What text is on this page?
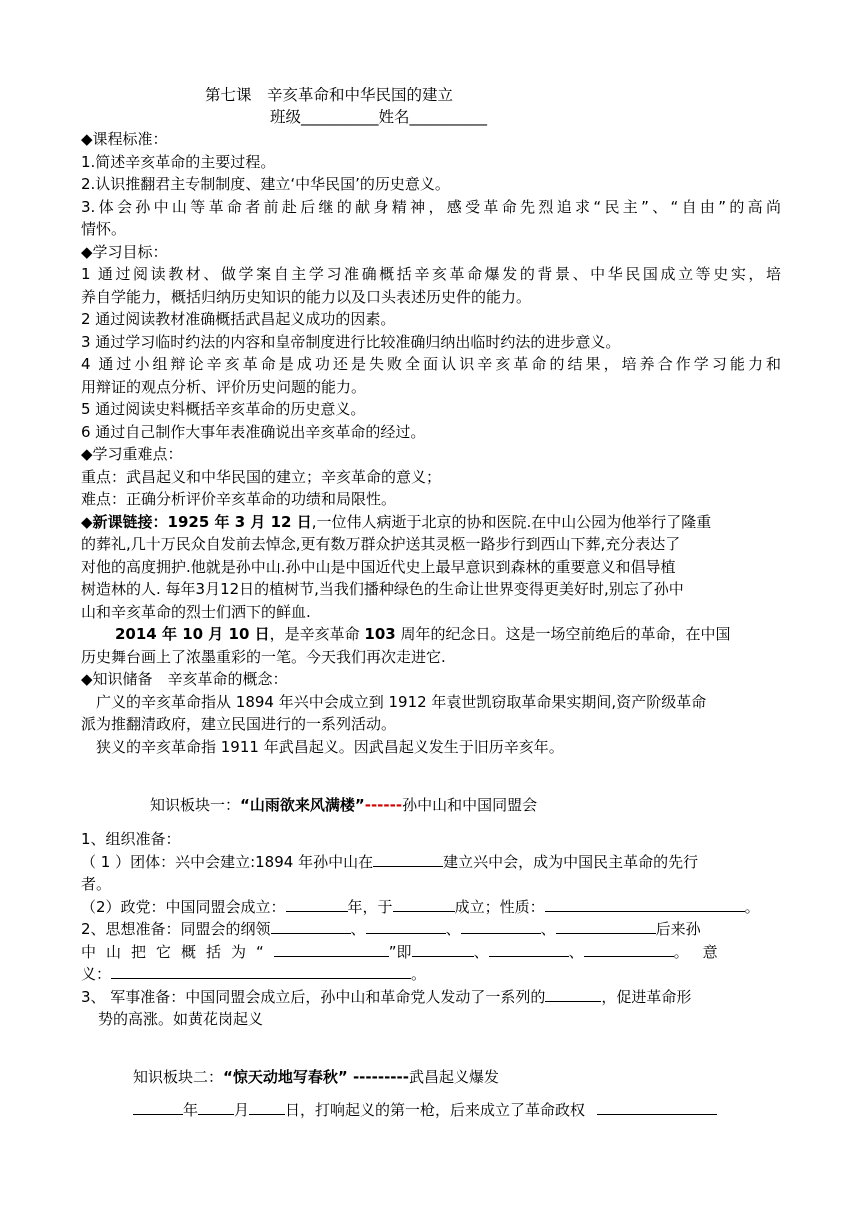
第七课　辛亥革命和中华民国的建立
班级__________姓名__________
◆课程标准：
1.简述辛亥革命的主要过程。
2.认识推翻君主专制制度、建立‘中华民国’的历史意义。
3.体会孙中山等革命者前赴后继的献身精神，感受革命先烈追求“民主”、“自由”的高尚
情怀。
◆学习目标：
1 通过阅读教材、做学案自主学习准确概括辛亥革命爆发的背景、中华民国成立等史实，培
养自学能力，概括归纳历史知识的能力以及口头表述历史件的能力。
2 通过阅读教材准确概括武昌起义成功的因素。
3 通过学习临时约法的内容和皇帝制度进行比较准确归纳出临时约法的进步意义。
4 通过小组辩论辛亥革命是成功还是失败全面认识辛亥革命的结果，培养合作学习能力和
用辩证的观点分析、评价历史问题的能力。
5 通过阅读史料概括辛亥革命的历史意义。
6 通过自己制作大事年表准确说出辛亥革命的经过。
◆学习重难点：
重点：武昌起义和中华民国的建立；辛亥革命的意义；
难点：正确分析评价辛亥革命的功绩和局限性。
◆新课链接：1925 年 3 月 12 日,一位伟人病逝于北京的协和医院.在中山公园为他举行了隆重
的葬礼,几十万民众自发前去悼念,更有数万群众护送其灵柩一路步行到西山下葬,充分表达了
对他的高度拥护.他就是孙中山.孙中山是中国近代史上最早意识到森林的重要意义和倡导植
树造林的人. 每年3月12日的植树节,当我们播种绿色的生命让世界变得更美好时,别忘了孙中
山和辛亥革命的烈士们洒下的鲜血.
2014 年 10 月 10 日，是辛亥革命 103 周年的纪念日。这是一场空前绝后的革命，在中国
历史舞台画上了浓墨重彩的一笔。今天我们再次走进它.
◆知识储备　辛亥革命的概念：
　广义的辛亥革命指从 1894 年兴中会成立到 1912 年袁世凯窃取革命果实期间,资产阶级革命
派为推翻清政府，建立民国进行的一系列活动。
　狭义的辛亥革命指 1911 年武昌起义。因武昌起义发生于旧历辛亥年。
知识板块一：“山雨欲来风满楼”------孙中山和中国同盟会
1、组织准备：
（ 1 ）团体：兴中会建立:1894 年孙中山在	建立兴中会，成为中国民主革命的先行
者。
（2）政党：中国同盟会成立：	年，于	成立；性质：	。
2、思想准备：同盟会的纲领	、	、	、	后来孙
中山把它概括为“	”即	、	、	。意
义：	。
3、 军事准备：中国同盟会成立后，孙中山和革命党人发动了一系列的	，促进革命形
势的高涨。如黄花岗起义
知识板块二：“惊天动地写春秋” ---------武昌起义爆发
年 月 日，打响起义的第一枪，后来成立了革命政权
